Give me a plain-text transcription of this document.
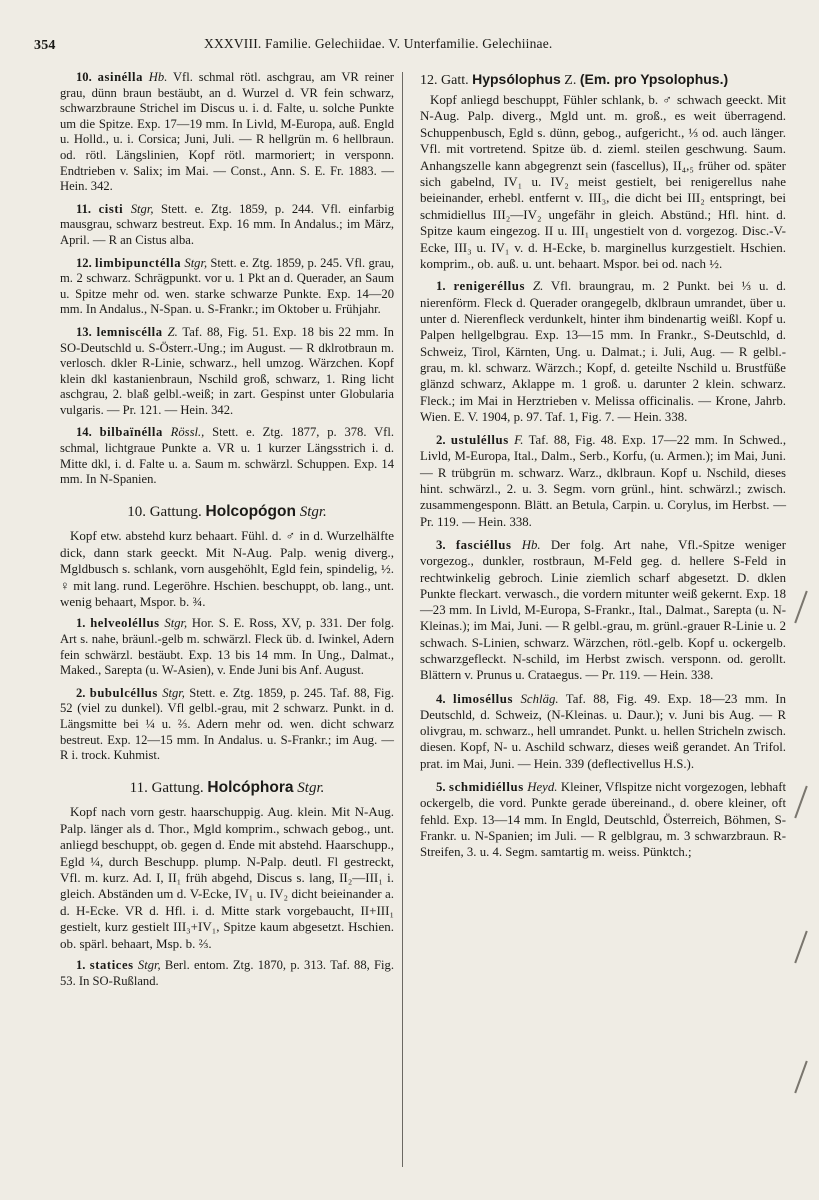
354	XXXVIII. Familie. Gelechiidae. V. Unterfamilie. Gelechiinae.
10. asinélla Hb. Vfl. schmal rötl. aschgrau, am VR reiner grau, dünn braun bestäubt, an d. Wurzel d. VR fein schwarz, schwarzbraune Strichel im Discus u. i. d. Falte, u. solche Punkte um die Spitze. Exp. 17—19 mm. In Livld, M-Europa, auß. Engld u. Holld., u. i. Corsica; Juni, Juli. — R hellgrün m. 6 hellbraun. od. rötl. Längslinien, Kopf rötl. marmoriert; in versponn. Endtrieben v. Salix; im Mai. — Const., Ann. S. E. Fr. 1883. — Hein. 342.
11. cisti Stgr, Stett. e. Ztg. 1859, p. 244. Vfl. einfarbig mausgrau, schwarz bestreut. Exp. 16 mm. In Andalus.; im März, April. — R an Cistus alba.
12. limbipunctélla Stgr, Stett. e. Ztg. 1859, p. 245. Vfl. grau, m. 2 schwarz. Schrägpunkt. vor u. 1 Pkt an d. Querader, an Saum u. Spitze mehr od. wen. starke schwarze Punkte. Exp. 14—20 mm. In Andalus., N-Span. u. S-Frankr.; im Oktober u. Frühjahr.
13. lemniscélla Z. Taf. 88, Fig. 51. Exp. 18 bis 22 mm. In SO-Deutschld u. S-Österr.-Ung.; im August. — R dklrotbraun m. verlosch. dkler R-Linie, schwarz., hell umzog. Wärzchen. Kopf klein dkl kastanienbraun, Nschild groß, schwarz, 1. Ring licht aschgrau, 2. blaß gelbl.-weiß; in zart. Gespinst unter Globularia vulgaris. — Pr. 121. — Hein. 342.
14. bilbaïnélla Rössl., Stett. e. Ztg. 1877, p. 378. Vfl. schmal, lichtgraue Punkte a. VR u. 1 kurzer Längsstrich i. d. Mitte dkl, i. d. Falte u. a. Saum m. schwärzl. Schuppen. Exp. 14 mm. In N-Spanien.
10. Gattung. Holcopógon Stgr.
Kopf etw. abstehd kurz behaart. Fühl. d. ♂ in d. Wurzelhälfte dick, dann stark geeckt. Mit N-Aug. Palp. wenig diverg., Mgldbusch s. schlank, vorn ausgehöhlt, Egld fein, spindelig, ½. ♀ mit lang. rund. Legeröhre. Hschien. beschuppt, ob. lang., unt. wenig behaart, Mspor. b. ¾.
1. helveoléllus Stgr, Hor. S. E. Ross, XV, p. 331. Der folg. Art s. nahe, bräunl.-gelb m. schwärzl. Fleck üb. d. Iwinkel, Adern fein schwärzl. bestäubt. Exp. 13 bis 14 mm. In Ung., Dalmat., Maked., Sarepta (u. W-Asien), v. Ende Juni bis Anf. August.
2. bubulcéllus Stgr, Stett. e. Ztg. 1859, p. 245. Taf. 88, Fig. 52 (viel zu dunkel). Vfl gelbl.-grau, mit 2 schwarz. Punkt. in d. Längsmitte bei ¼ u. ⅔. Adern mehr od. wen. dicht schwarz bestreut. Exp. 12—15 mm. In Andalus. u. S-Frankr.; im Aug. — R i. trock. Kuhmist.
11. Gattung. Holcóphora Stgr.
Kopf nach vorn gestr. haarschuppig. Aug. klein. Mit N-Aug. Palp. länger als d. Thor., Mgld komprim., schwach gebog., unt. anliegd beschuppt, ob. gegen d. Ende mit abstehd. Haarschupp., Egld ¼, durch Beschupp. plump. N-Palp. deutl. Fl gestreckt, Vfl. m. kurz. Ad. I, II₁ früh abgehd, Discus s. lang, II₂—III₁ i. gleich. Abständen um d. V-Ecke, IV₁ u. IV₂ dicht beieinander a. d. H-Ecke. VR d. Hfl. i. d. Mitte stark vorgebaucht, II+III₁ gestielt, kurz gestielt III₃+IV₁, Spitze kaum abgesetzt. Hschien. ob. spärl. behaart, Msp. b. ⅔.
1. statices Stgr, Berl. entom. Ztg. 1870, p. 313. Taf. 88, Fig. 53. In SO-Rußland.
12. Gatt. Hypsólophus Z. (Em. pro Ypsolophus.)
Kopf anliegd beschuppt, Fühler schlank, b. ♂ schwach geeckt. Mit N-Aug. Palp. diverg., Mgld unt. m. groß., es weit überragend. Schuppenbusch, Egld s. dünn, gebog., aufgericht., ⅓ od. auch länger. Vfl. mit vortretend. Spitze üb. d. zieml. steilen geschwung. Saum. Anhangszelle kann abgegrenzt sein (fascellus), II₄,₅ früher od. später sich gabelnd, IV₁ u. IV₂ meist gestielt, bei renigerellus nahe beieinander, erhebl. entfernt v. III₃, die dicht bei III₂ entspringt, bei schmidiellus III₂—IV₂ ungefähr in gleich. Abstünd.; Hfl. hint. d. Spitze kaum eingezog. II u. III₁ ungestielt von d. vorgezog. Disc.-V-Ecke, III₃ u. IV₁ v. d. H-Ecke, b. marginellus kurzgestielt. Hschien. komprim., ob. auß. u. unt. behaart. Mspor. bei od. nach ½.
1. renigeréllus Z. Vfl. braungrau, m. 2 Punkt. bei ⅓ u. d. nierenförm. Fleck d. Querader orangegelb, dklbraun umrandet, über u. unter d. Nierenfleck verdunkelt, hinter ihm bindenartig weißl. Kopf u. Palpen hellgelbgrau. Exp. 13—15 mm. In Frankr., S-Deutschld, d. Schweiz, Tirol, Kärnten, Ung. u. Dalmat.; i. Juli, Aug. — R gelbl.-grau, m. kl. schwarz. Wärzch.; Kopf, d. geteilte Nschild u. Brustfüße glänzd schwarz, Aklappe m. 1 groß. u. darunter 2 klein. schwarz. Fleck.; im Mai in Herztrieben v. Melissa officinalis. — Krone, Jahrb. Wien. E. V. 1904, p. 97. Taf. 1, Fig. 7. — Hein. 338.
2. ustuléllus F. Taf. 88, Fig. 48. Exp. 17—22 mm. In Schwed., Livld, M-Europa, Ital., Dalm., Serb., Korfu, (u. Armen.); im Mai, Juni. — R trübgrün m. schwarz. Warz., dklbraun. Kopf u. Nschild, dieses hint. schwärzl., 2. u. 3. Segm. vorn grünl., hint. schwärzl.; zwisch. zusammengesponn. Blätt. an Betula, Carpin. u. Corylus, im Herbst. — Pr. 119. — Hein. 338.
3. fasciéllus Hb. Der folg. Art nahe, Vfl.-Spitze weniger vorgezog., dunkler, rostbraun, M-Feld geg. d. hellere S-Feld in rechtwinkelig gebroch. Linie ziemlich scharf abgesetzt. D. dklen Punkte fleckart. verwasch., die vordern mitunter weiß gekernt. Exp. 18—23 mm. In Livld, M-Europa, S-Frankr., Ital., Dalmat., Sarepta (u. N-Kleinas.); im Mai, Juni. — R gelbl.-grau, m. grünl.-grauer R-Linie u. 2 schwach. S-Linien, schwarz. Wärzchen, rötl.-gelb. Kopf u. ockergelb. schwarzgefleckt. N-schild, im Herbst zwisch. versponn. od. gerollt. Blättern v. Prunus u. Crataegus. — Pr. 119. — Hein. 338.
4. limoséllus Schläg. Taf. 88, Fig. 49. Exp. 18—23 mm. In Deutschld, d. Schweiz, (N-Kleinas. u. Daur.); v. Juni bis Aug. — R olivgrau, m. schwarz., hell umrandet. Punkt. u. hellen Stricheln zwisch. diesen. Kopf, N- u. Aschild schwarz, dieses weiß gerandet. An Trifol. prat. im Mai, Juni. — Hein. 339 (deflectivellus H.S.).
5. schmidiéllus Heyd. Kleiner, Vflspitze nicht vorgezogen, lebhaft ockergelb, die vord. Punkte gerade übereinand., d. obere kleiner, oft fehld. Exp. 13—14 mm. In Engld, Deutschld, Österreich, Böhmen, S-Frankr. u. N-Spanien; im Juli. — R gelblgrau, m. 3 schwarzbraun. R-Streifen, 3. u. 4. Segm. samtartig m. weiss. Pünktch.;
